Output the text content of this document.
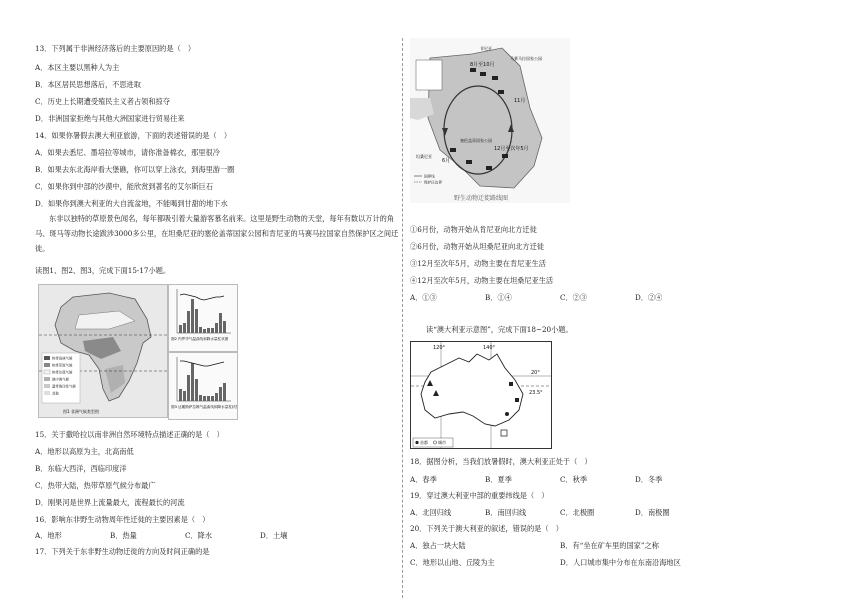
13．下列属于非洲经济落后的主要原因的是（　）
A．本区主要以黑种人为主
B．本区居民思想落后，不思进取
C．历史上长期遭受殖民主义者占领和掠夺
D．非洲国家拒绝与其他大洲国家进行贸易往来
14．如果你暑假去澳大利亚旅游，下面的表述错误的是（　）
A．如果去悉尼、墨培拉等城市，请你准备棉衣，那里很冷
B．如果去东北海岸看大堡礁，你可以穿上泳衣，到海里游一圈
C．如果你到中部的沙漠中，能欣赏到著名的艾尔斯巨石
D．如果你到澳大利亚的大自流盆地，不能喝到甘甜的地下水
东非以独特的草原景色闻名，每年都吸引着大量游客慕名前来。这里是野生动物的天堂，每年有数以万计的角马、斑马等动物长途跋涉3000多公里，在坦桑尼亚的塞伦盖蒂国家公园和肯尼亚的马赛马拉国家自然保护区之间迁徙。
读图1、图2、图3，完成下面15-17小题。
热带雨林气候
热带草原气候
热带沙漠气候
地中海气候
温带海洋性气候
其他
图1 非洲气候类型图
图2 内罗毕气温曲线和降水量柱状图
图3 达累斯萨拉姆气温曲线和降水量柱状图
15．关于撒哈拉以南非洲自然环境特点描述正确的是（　）
A．地形以高原为主，北高南低
B．东临大西洋，西临印度洋
C．热带大陆，热带草原气候分布最广
D．刚果河是世界上流量最大，流程最长的河流
16．影响东非野生动物周年性迁徙的主要因素是（　）
A．地形	B．热量	C．降水	D．土壤
17．下列关于东非野生动物迁徙的方向及时间正确的是
8月至10月
11月
6月
12月至次年5月
马赛马拉国家公园
塞伦盖蒂国家公园
肯尼亚
坦桑尼亚
国界线
保护区边界
野生动物迁徙路线图
①6月份，动物开始从肯尼亚向北方迁徙
②6月份，动物开始从坦桑尼亚向北方迁徙
③12月至次年5月，动物主要在肯尼亚生活
④12月至次年5月，动物主要在坦桑尼亚生活
A．①③	B．①④	C．②③	D．②④
读“澳大利亚示意图”，完成下面18~20小题。
120°	140°
20°
23.5°
首都	城市
18．据图分析，当我们放暑假时，澳大利亚正处于（　）
A．春季	B．夏季	C．秋季	D．冬季
19．穿过澳大利亚中部的重要纬线是（　）
A．北回归线	B．南回归线	C．北极圈	D．南极圈
20．下列关于澳大利亚的叙述，错误的是（　）
A．独占一块大陆	B．有“坐在矿车里的国家”之称
C．地形以山地、丘陵为主	D．人口城市集中分布在东南沿海地区
